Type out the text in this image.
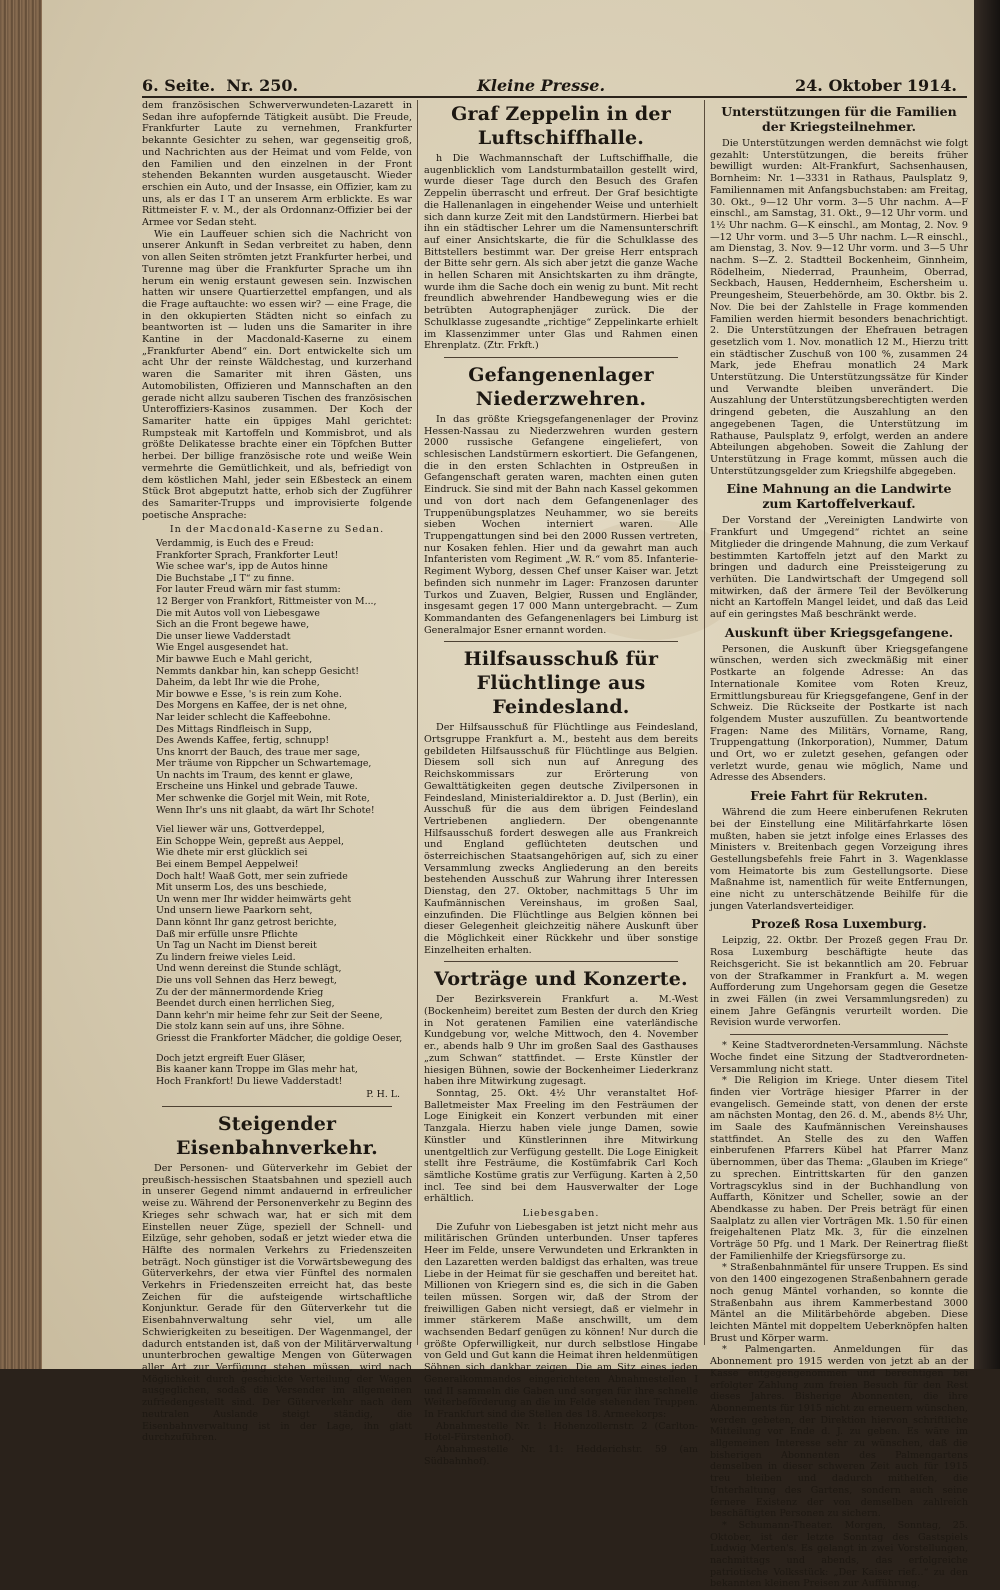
6. Seite. Nr. 250.	Kleine Presse.	24. Oktober 1914.

dem französischen Schwerverwundeten-Lazarett in Sedan ihre aufopfernde Tätigkeit ausübt. Die Freude, Frankfurter Laute zu vernehmen, Frankfurter bekannte Gesichter zu sehen, war gegenseitig groß, und Nachrichten aus der Heimat und vom Felde, von den Familien und den einzelnen in der Front stehenden Bekannten wurden ausgetauscht. Wieder erschien ein Auto, und der Insasse, ein Offizier, kam zu uns, als er das I T an unserem Arm erblickte. Es war Rittmeister F. v. M., der als Ordonnanz-Offizier bei der Armee vor Sedan steht.

Wie ein Lauffeuer schien sich die Nachricht von unserer Ankunft in Sedan verbreitet zu haben, denn von allen Seiten strömten jetzt Frankfurter herbei, und Turenne mag über die Frankfurter Sprache um ihn herum ein wenig erstaunt gewesen sein. Inzwischen hatten wir unsere Quartierzettel empfangen, und als die Frage auftauchte: wo essen wir? — eine Frage, die in den okkupierten Städten nicht so einfach zu beantworten ist — luden uns die Samariter in ihre Kantine in der Macdonald-Kaserne zu einem „Frankfurter Abend“ ein. Dort entwickelte sich um acht Uhr der reinste Wäldchestag, und kurzerhand waren die Samariter mit ihren Gästen, uns Automobilisten, Offizieren und Mannschaften an den gerade nicht allzu sauberen Tischen des französischen Unteroffiziers-Kasinos zusammen. Der Koch der Samariter hatte ein üppiges Mahl gerichtet: Rumpsteak mit Kartoffeln und Kommisbrot, und als größte Delikatesse brachte einer ein Töpfchen Butter herbei. Der billige französische rote und weiße Wein vermehrte die Gemütlichkeit, und als, befriedigt von dem köstlichen Mahl, jeder sein Eßbesteck an einem Stück Brot abgeputzt hatte, erhob sich der Zugführer des Samariter-Trupps und improvisierte folgende poetische Ansprache:

In der Macdonald-Kaserne zu Sedan.
Verdammig, is Euch des e Freud:
Frankforter Sprach, Frankforter Leut!
Wie schee war's, ipp de Autos hinne
Die Buchstabe „I T“ zu finne.
For lauter Freud wärn mir fast stumm:
12 Berger von Frankfort, Rittmeister von M...,
Die mit Autos voll von Liebesgawe
Sich an die Front begewe hawe,
Die unser liewe Vadderstadt
Wie Engel ausgesendet hat.
Mir bawwe Euch e Mahl gericht,
Nemmts dankbar hin, kan schepp Gesicht!
Daheim, da lebt Ihr wie die Prohe,
Mir bowwe e Esse, 's is rein zum Kohe.
Des Morgens en Kaffee, der is net ohne,
Nar leider schlecht die Kaffeebohne.
Des Mittags Rindfleisch in Supp,
Des Awends Kaffee, fertig, schnupp!
Uns knorrt der Bauch, des traue mer sage,
Mer träume von Rippcher un Schwartemage,
Un nachts im Traum, des kennt er glawe,
Erscheine uns Hinkel und gebrade Tauwe.
Mer schwenke die Gorjel mit Wein, mit Rote,
Wenn Ihr's uns nit glaabt, da wärt Ihr Schote!
Viel liewer wär uns, Gottverdeppel,
Ein Schoppe Wein, gepreßt aus Aeppel,
Wie dhete mir erst glücklich sei
Bei einem Bempel Aeppelwei!
Doch halt! Waaß Gott, mer sein zufriede
Mit unserm Los, des uns beschiede,
Un wenn mer Ihr widder heimwärts geht
Und unsern liewe Paarkorn seht,
Dann könnt Ihr ganz getrost berichte,
Daß mir erfülle unsre Pflichte
Un Tag un Nacht im Dienst bereit
Zu lindern freiwe vieles Leid.
Und wenn dereinst die Stunde schlägt,
Die uns voll Sehnen das Herz bewegt,
Zu der der männermordende Krieg
Beendet durch einen herrlichen Sieg,
Dann kehr'n mir heime fehr zur Seit der Seene,
Die stolz kann sein auf uns, ihre Söhne.
Griesst die Frankforter Mädcher, die goldige Oeser,
Doch jetzt ergreift Euer Gläser,
Bis kaaner kann Troppe im Glas mehr hat,
Hoch Frankfort! Du liewe Vadderstadt!
P. H. L.
Steigender Eisenbahnverkehr.

Der Personen- und Güterverkehr im Gebiet der preußisch-hessischen Staatsbahnen und speziell auch in unserer Gegend nimmt andauernd in erfreulicher weise zu. Während der Personenverkehr zu Beginn des Krieges sehr schwach war, hat er sich mit dem Einstellen neuer Züge, speziell der Schnell- und Eilzüge, sehr gehoben, sodaß er jetzt wieder etwa die Hälfte des normalen Verkehrs zu Friedenszeiten beträgt. Noch günstiger ist die Vorwärtsbewegung des Güterverkehrs, der etwa vier Fünftel des normalen Verkehrs in Friedenszeiten erreicht hat, das beste Zeichen für die aufsteigende wirtschaftliche Konjunktur. Gerade für den Güterverkehr tut die Eisenbahnverwaltung sehr viel, um alle Schwierigkeiten zu beseitigen. Der Wagenmangel, der dadurch entstanden ist, daß von der Militärverwaltung ununterbrochen gewaltige Mengen von Güterwagen aller Art zur Verfügung stehen müssen, wird nach Möglichkeit durch geschickte Verteilung der Wagen ausgeglichen, sodaß die Versender im allgemeinen zufriedengestellt sind. Der Güterverkehr nach dem neutralen Auslande steigt ständig, die Eisenbahnverwaltung ist in der Lage, ihn glatt durchzuführen.

Graf Zeppelin in der Luftschiffhalle.

h Die Wachmannschaft der Luftschiffhalle, die augenblicklich vom Landsturmbataillon gestellt wird, wurde dieser Tage durch den Besuch des Grafen Zeppelin überrascht und erfreut. Der Graf besichtigte die Hallenanlagen in eingehender Weise und unterhielt sich dann kurze Zeit mit den Landstürmern. Hierbei bat ihn ein städtischer Lehrer um die Namensunterschrift auf einer Ansichtskarte, die für die Schulklasse des Bittstellers bestimmt war. Der greise Herr entsprach der Bitte sehr gern. Als sich aber jetzt die ganze Wache in hellen Scharen mit Ansichtskarten zu ihm drängte, wurde ihm die Sache doch ein wenig zu bunt. Mit recht freundlich abwehrender Handbewegung wies er die betrübten Autographenjäger zurück. Die der Schulklasse zugesandte „richtige“ Zeppelinkarte erhielt im Klassenzimmer unter Glas und Rahmen einen Ehrenplatz. (Ztr. Frkft.)

Gefangenenlager Niederzwehren.

In das größte Kriegsgefangenenlager der Provinz Hessen-Nassau zu Niederzwehren wurden gestern 2000 russische Gefangene eingeliefert, von schlesischen Landstürmern eskortiert. Die Gefangenen, die in den ersten Schlachten in Ostpreußen in Gefangenschaft geraten waren, machten einen guten Eindruck. Sie sind mit der Bahn nach Kassel gekommen und von dort nach dem Gefangenenlager des Truppenübungsplatzes Neuhammer, wo sie bereits sieben Wochen interniert waren. Alle Truppengattungen sind bei den 2000 Russen vertreten, nur Kosaken fehlen. Hier und da gewahrt man auch Infanteristen vom Regiment „W. R.“ vom 85. Infanterie-Regiment Wyborg, dessen Chef unser Kaiser war. Jetzt befinden sich nunmehr im Lager: Franzosen darunter Turkos und Zuaven, Belgier, Russen und Engländer, insgesamt gegen 17 000 Mann untergebracht. — Zum Kommandanten des Gefangenenlagers bei Limburg ist Generalmajor Esner ernannt worden.

Hilfsausschuß für Flüchtlinge aus Feindesland.

Der Hilfsausschuß für Flüchtlinge aus Feindesland, Ortsgruppe Frankfurt a. M., besteht aus dem bereits gebildeten Hilfsausschuß für Flüchtlinge aus Belgien. Diesem soll sich nun auf Anregung des Reichskommissars zur Erörterung von Gewalttätigkeiten gegen deutsche Zivilpersonen in Feindesland, Ministerialdirektor a. D. Just (Berlin), ein Ausschuß für die aus dem übrigen Feindesland Vertriebenen angliedern. Der obengenannte Hilfsausschuß fordert deswegen alle aus Frankreich und England geflüchteten deutschen und österreichischen Staatsangehörigen auf, sich zu einer Versammlung zwecks Angliederung an den bereits bestehenden Ausschuß zur Wahrung ihrer Interessen Dienstag, den 27. Oktober, nachmittags 5 Uhr im Kaufmännischen Vereinshaus, im großen Saal, einzufinden. Die Flüchtlinge aus Belgien können bei dieser Gelegenheit gleichzeitig nähere Auskunft über die Möglichkeit einer Rückkehr und über sonstige Einzelheiten erhalten.

Vorträge und Konzerte.

Der Bezirksverein Frankfurt a. M.-West (Bockenheim) bereitet zum Besten der durch den Krieg in Not geratenen Familien eine vaterländische Kundgebung vor, welche Mittwoch, den 4. November er., abends halb 9 Uhr im großen Saal des Gasthauses „zum Schwan“ stattfindet. — Erste Künstler der hiesigen Bühnen, sowie der Bockenheimer Liederkranz haben ihre Mitwirkung zugesagt.

Sonntag, 25. Okt. 4½ Uhr veranstaltet Hof-Balletmeister Max Freeling im den Festräumen der Loge Einigkeit ein Konzert verbunden mit einer Tanzgala. Hierzu haben viele junge Damen, sowie Künstler und Künstlerinnen ihre Mitwirkung unentgeltlich zur Verfügung gestellt. Die Loge Einigkeit stellt ihre Festräume, die Kostümfabrik Carl Koch sämtliche Kostüme gratis zur Verfügung. Karten à 2,50 incl. Tee sind bei dem Hausverwalter der Loge erhältlich.

Liebesgaben.

Die Zufuhr von Liebesgaben ist jetzt nicht mehr aus militärischen Gründen unterbunden. Unser tapferes Heer im Felde, unsere Verwundeten und Erkrankten in den Lazaretten werden baldigst das erhalten, was treue Liebe in der Heimat für sie geschaffen und bereitet hat. Millionen von Kriegern sind es, die sich in die Gaben teilen müssen. Sorgen wir, daß der Strom der freiwilligen Gaben nicht versiegt, daß er vielmehr in immer stärkerem Maße anschwillt, um dem wachsenden Bedarf genügen zu können! Nur durch die größte Opferwilligkeit, nur durch selbstlose Hingabe von Geld und Gut kann die Heimat ihren heldenmütigen Söhnen sich dankbar zeigen. Die am Sitz eines jeden Generalkommandos eingerichteten Abnahmestellen I und II sammeln die Gaben und sorgen für ihre schnelle Weiterbeförderung an die im Felde stehenden Truppen. In Frankfurt sind die Stellen des 18. Armeekorps:

Abnahmestelle Nr. 1: Hohenzollernstr. 2 (Carlton-Hotel-Fürstenhof).

Abnahmestelle Nr. 11: Hedderichstr. 59 (am Südbahnhof).

Unterstützungen für die Familien der Kriegsteilnehmer.

Die Unterstützungen werden demnächst wie folgt gezahlt: Unterstützungen, die bereits früher bewilligt wurden: Alt-Frankfurt, Sachsenhausen, Bornheim: Nr. 1—3331 in Rathaus, Paulsplatz 9, Familiennamen mit Anfangsbuchstaben: am Freitag, 30. Okt., 9—12 Uhr vorm. 3—5 Uhr nachm. A—F einschl., am Samstag, 31. Okt., 9—12 Uhr vorm. und 1½ Uhr nachm. G—K einschl., am Montag, 2. Nov. 9—12 Uhr vorm. und 3—5 Uhr nachm. L—R einschl., am Dienstag, 3. Nov. 9—12 Uhr vorm. und 3—5 Uhr nachm. S—Z. 2. Stadtteil Bockenheim, Ginnheim, Rödelheim, Niederrad, Praunheim, Oberrad, Seckbach, Hausen, Heddernheim, Eschersheim u. Preungesheim, Steuerbehörde, am 30. Oktbr. bis 2. Nov. Die bei der Zahlstelle in Frage kommenden Familien werden hiermit besonders benachrichtigt. 2. Die Unterstützungen der Ehefrauen betragen gesetzlich vom 1. Nov. monatlich 12 M., Hierzu tritt ein städtischer Zuschuß von 100 %, zusammen 24 Mark, jede Ehefrau monatlich 24 Mark Unterstützung. Die Unterstützungssätze für Kinder und Verwandte bleiben unverändert. Die Auszahlung der Unterstützungsberechtigten werden dringend gebeten, die Auszahlung an den angegebenen Tagen, die Unterstützung im Rathause, Paulsplatz 9, erfolgt, werden an andere Abteilungen abgehoben. Soweit die Zahlung der Unterstützung in Frage kommt, müssen auch die Unterstützungsgelder zum Kriegshilfe abgegeben.

Eine Mahnung an die Landwirte zum Kartoffelverkauf.

Der Vorstand der „Vereinigten Landwirte von Frankfurt und Umgegend“ richtet an seine Mitglieder die dringende Mahnung, die zum Verkauf bestimmten Kartoffeln jetzt auf den Markt zu bringen und dadurch eine Preissteigerung zu verhüten. Die Landwirtschaft der Umgegend soll mitwirken, daß der ärmere Teil der Bevölkerung nicht an Kartoffeln Mangel leidet, und daß das Leid auf ein geringstes Maß beschränkt werde.

Auskunft über Kriegsgefangene.

Personen, die Auskunft über Kriegsgefangene wünschen, werden sich zweckmäßig mit einer Postkarte an folgende Adresse: An das Internationale Komitee vom Roten Kreuz, Ermittlungsbureau für Kriegsgefangene, Genf in der Schweiz. Die Rückseite der Postkarte ist nach folgendem Muster auszufüllen. Zu beantwortende Fragen: Name des Militärs, Vorname, Rang, Truppengattung (Inkorporation), Nummer, Datum und Ort, wo er zuletzt gesehen, gefangen oder verletzt wurde, genau wie möglich, Name und Adresse des Absenders.

Freie Fahrt für Rekruten.

Während die zum Heere einberufenen Rekruten bei der Einstellung eine Militärfahrkarte lösen mußten, haben sie jetzt infolge eines Erlasses des Ministers v. Breitenbach gegen Vorzeigung ihres Gestellungsbefehls freie Fahrt in 3. Wagenklasse vom Heimatorte bis zum Gestellungsorte. Diese Maßnahme ist, namentlich für weite Entfernungen, eine nicht zu unterschätzende Beihilfe für die jungen Vaterlandsverteidiger.

Prozeß Rosa Luxemburg.

Leipzig, 22. Oktbr. Der Prozeß gegen Frau Dr. Rosa Luxemburg beschäftigte heute das Reichsgericht. Sie ist bekanntlich am 20. Februar von der Strafkammer in Frankfurt a. M. wegen Aufforderung zum Ungehorsam gegen die Gesetze in zwei Fällen (in zwei Versammlungsreden) zu einem Jahre Gefängnis verurteilt worden. Die Revision wurde verworfen.

* Keine Stadtverordneten-Versammlung. Nächste Woche findet eine Sitzung der Stadtverordneten-Versammlung nicht statt.

* Die Religion im Kriege. Unter diesem Titel finden vier Vorträge hiesiger Pfarrer in der evangelisch. Gemeinde statt, von denen der erste am nächsten Montag, den 26. d. M., abends 8½ Uhr, im Saale des Kaufmännischen Vereinshauses stattfindet. An Stelle des zu den Waffen einberufenen Pfarrers Kübel hat Pfarrer Manz übernommen, über das Thema: „Glauben im Kriege“ zu sprechen. Eintrittskarten für den ganzen Vortragscyklus sind in der Buchhandlung von Auffarth, Könitzer und Scheller, sowie an der Abendkasse zu haben. Der Preis beträgt für einen Saalplatz zu allen vier Vorträgen Mk. 1.50 für einen freigehaltenen Platz Mk. 3, für die einzelnen Vorträge 50 Pfg. und 1 Mark. Der Reinertrag fließt der Familienhilfe der Kriegsfürsorge zu.

* Straßenbahnmäntel für unsere Truppen. Es sind von den 1400 eingezogenen Straßenbahnern gerade noch genug Mäntel vorhanden, so konnte die Straßenbahn aus ihrem Kammerbestand 3000 Mäntel an die Militärbehörde abgeben. Diese leichten Mäntel mit doppeltem Ueberknöpfen halten Brust und Körper warm.

* Palmengarten. Anmeldungen für das Abonnement pro 1915 werden von jetzt ab an der Kasse entgegengenommen und berechtigen bei erfolgter Zahlung zum freien Besuch für den Rest dieses Jahres. Bisherige Abonnenten, die ihre Abonnements für 1915 nicht zu erneuern wünschen, werden gebeten, der Direktion hiervon schriftliche Mitteilung vor Ende d. J. zu geben. Es wäre im allgemeinen Interesse sehr zu wünschen, daß die bisherigen Abonnenten des Palmengartens demselben in dieser schweren Zeit auch für 1915 treu bleiben und dadurch mithelfen, die Unterhaltung des Gartens, sondern auch seine fernere Existenz der von demselben zahlreich beschäftigten Personen zu sichern.

* Schumann-Theater. Morgen, Sonntag, 25. Oktober, ist der letzte Sonntag des Gastspiels Ludwig Merten's. Es gelangt in zwei Vorstellungen, nachmittags und abends, das erfolgreiche patriotische Volksstück: „Der Kaiser rief...“ zu den bekannten kleinen Preisen zur Aufführung.
